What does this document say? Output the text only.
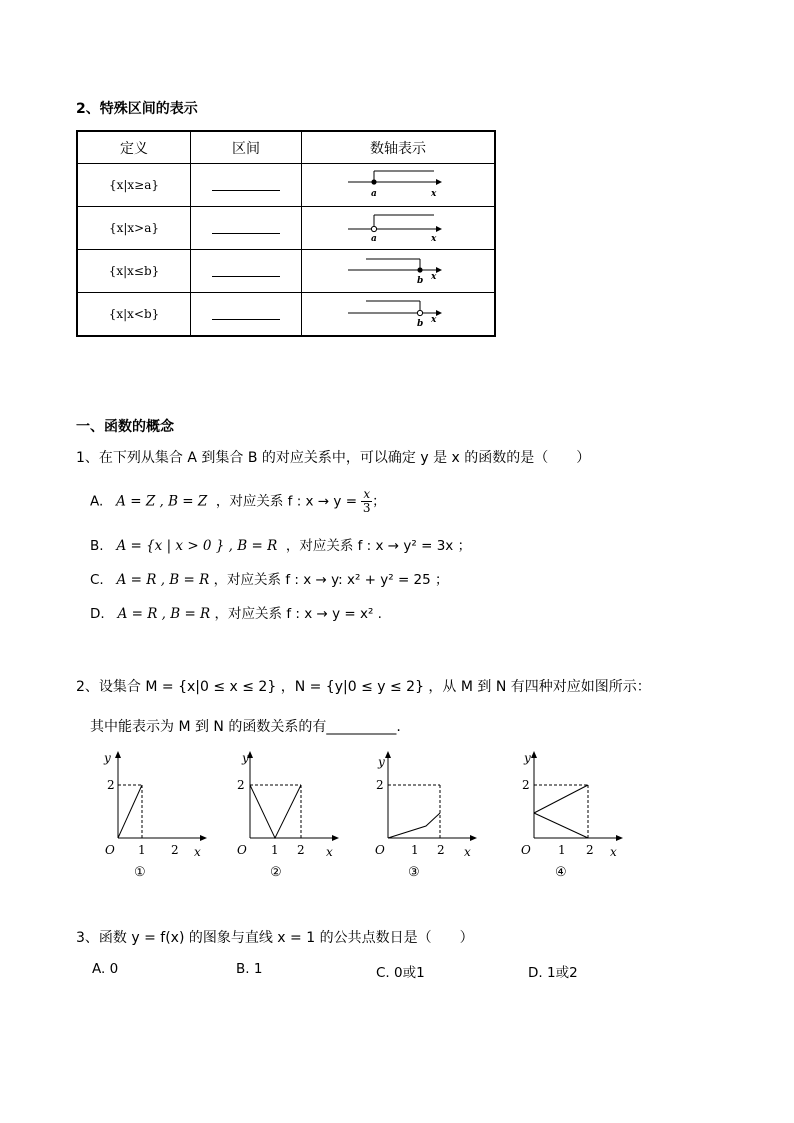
2、特殊区间的表示
定义	区间	数轴表示
{x|x≥a}		a x

{x|x>a}		a x

{x|x≤b}		b x

{x|x<b}		b x
一、函数的概念
1、在下列从集合 A 到集合 B 的对应关系中，可以确定 y 是 x 的函数的是（　　）
A. A = Z , B = Z ，对应关系 f : $x \to y = \frac{x}{3}$ ；
B. A = {x | x > 0 } , B = R ，对应关系 f : x → y² = 3x ；
C. A = R , B = R ，对应关系 f : x → y: x² + y² = 25 ；
D. A = R , B = R ，对应关系 f : x → y = x² .
2、设集合 M = {x|0 ≤ x ≤ 2} ，N = {y|0 ≤ y ≤ 2} ，从 M 到 N 有四种对应如图所示：
其中能表示为 M 到 N 的函数关系的有__________.
y
2
O 1 2 x
①
y
2
O 1 2 x
②
y
2
O 1 2 x
③
y
2
O 1 2 x
④
3、函数 y = f(x) 的图象与直线 x = 1 的公共点数日是（　　）
A. 0	B. 1	C. 0或1	D. 1或2
